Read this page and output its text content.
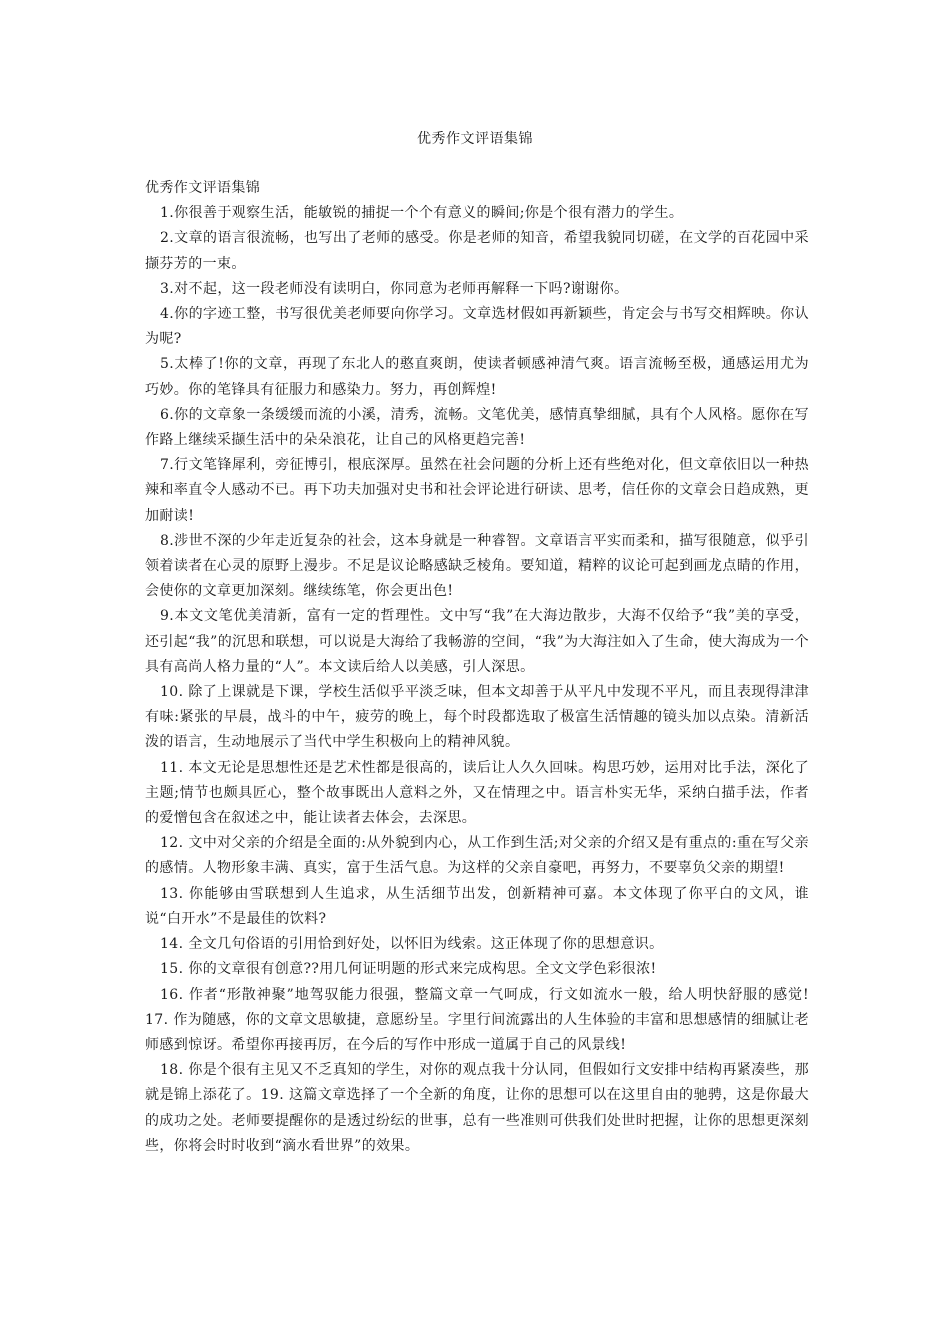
优秀作文评语集锦

优秀作文评语集锦

1.你很善于观察生活，能敏锐的捕捉一个个有意义的瞬间;你是个很有潜力的学生。

2.文章的语言很流畅，也写出了老师的感受。你是老师的知音，希望我貌同切磋，在文学的百花园中采撷芬芳的一束。

3.对不起，这一段老师没有读明白，你同意为老师再解释一下吗?谢谢你。

4.你的字迹工整，书写很优美老师要向你学习。文章选材假如再新颖些，肯定会与书写交相辉映。你认为呢?

5.太棒了!你的文章，再现了东北人的憨直爽朗，使读者顿感神清气爽。语言流畅至极，通感运用尤为巧妙。你的笔锋具有征服力和感染力。努力，再创辉煌!

6.你的文章象一条缓缓而流的小溪，清秀，流畅。文笔优美，感情真挚细腻，具有个人风格。愿你在写作路上继续采撷生活中的朵朵浪花，让自己的风格更趋完善!

7.行文笔锋犀利，旁征博引，根底深厚。虽然在社会问题的分析上还有些绝对化，但文章依旧以一种热辣和率直令人感动不已。再下功夫加强对史书和社会评论进行研读、思考，信任你的文章会日趋成熟，更加耐读!

8.涉世不深的少年走近复杂的社会，这本身就是一种睿智。文章语言平实而柔和，描写很随意，似乎引领着读者在心灵的原野上漫步。不足是议论略感缺乏棱角。要知道，精粹的议论可起到画龙点睛的作用，会使你的文章更加深刻。继续练笔，你会更出色!

9.本文文笔优美清新，富有一定的哲理性。文中写“我”在大海边散步，大海不仅给予“我”美的享受，还引起“我”的沉思和联想，可以说是大海给了我畅游的空间，“我”为大海注如入了生命，使大海成为一个具有高尚人格力量的“人”。本文读后给人以美感，引人深思。

10. 除了上课就是下课，学校生活似乎平淡乏味，但本文却善于从平凡中发现不平凡，而且表现得津津有味:紧张的早晨，战斗的中午，疲劳的晚上，每个时段都选取了极富生活情趣的镜头加以点染。清新活泼的语言，生动地展示了当代中学生积极向上的精神风貌。

11. 本文无论是思想性还是艺术性都是很高的，读后让人久久回味。构思巧妙，运用对比手法，深化了主题;情节也颇具匠心，整个故事既出人意料之外，又在情理之中。语言朴实无华，采纳白描手法，作者的爱憎包含在叙述之中，能让读者去体会，去深思。

12. 文中对父亲的介绍是全面的:从外貌到内心，从工作到生活;对父亲的介绍又是有重点的:重在写父亲的感情。人物形象丰满、真实，富于生活气息。为这样的父亲自豪吧，再努力，不要辜负父亲的期望!

13. 你能够由雪联想到人生追求，从生活细节出发，创新精神可嘉。本文体现了你平白的文风，谁说“白开水”不是最佳的饮料?

14. 全文几句俗语的引用恰到好处，以怀旧为线索。这正体现了你的思想意识。

15. 你的文章很有创意??用几何证明题的形式来完成构思。全文文学色彩很浓!

16. 作者“形散神聚”地驾驭能力很强，整篇文章一气呵成，行文如流水一般，给人明快舒服的感觉! 17. 作为随感，你的文章文思敏捷，意愿纷呈。字里行间流露出的人生体验的丰富和思想感情的细腻让老师感到惊讶。希望你再接再厉，在今后的写作中形成一道属于自己的风景线!

18. 你是个很有主见又不乏真知的学生，对你的观点我十分认同，但假如行文安排中结构再紧凑些，那就是锦上添花了。19. 这篇文章选择了一个全新的角度，让你的思想可以在这里自由的驰骋，这是你最大的成功之处。老师要提醒你的是透过纷纭的世事，总有一些准则可供我们处世时把握，让你的思想更深刻些，你将会时时收到“滴水看世界”的效果。
